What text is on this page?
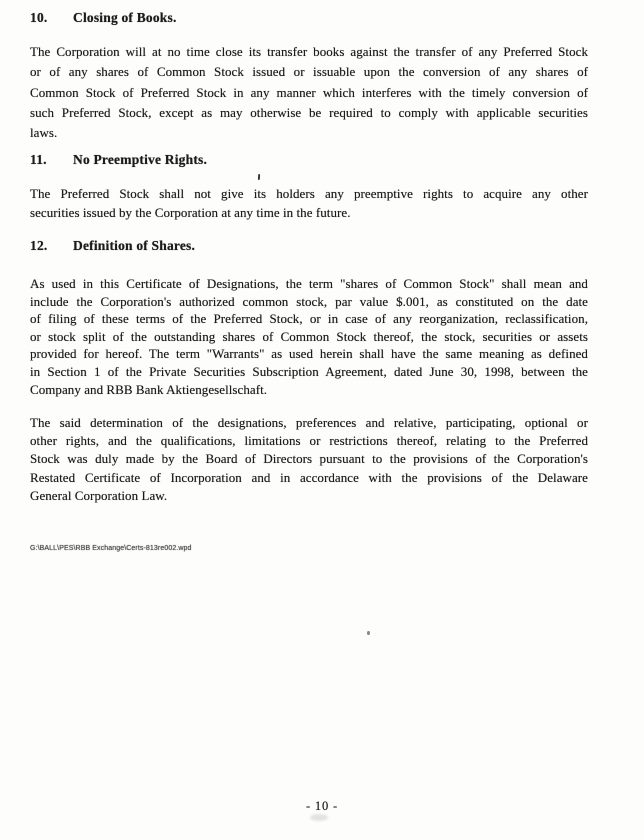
10. Closing of Books.
The Corporation will at no time close its transfer books against the transfer of any Preferred Stock
or of any shares of Common Stock issued or issuable upon the conversion of any shares of
Common Stock of Preferred Stock in any manner which interferes with the timely conversion of
such Preferred Stock, except as may otherwise be required to comply with applicable securities
laws.
11. No Preemptive Rights.
The Preferred Stock shall not give its holders any preemptive rights to acquire any other
securities issued by the Corporation at any time in the future.
12. Definition of Shares.
As used in this Certificate of Designations, the term "shares of Common Stock" shall mean and
include the Corporation's authorized common stock, par value $.001, as constituted on the date
of filing of these terms of the Preferred Stock, or in case of any reorganization, reclassification,
or stock split of the outstanding shares of Common Stock thereof, the stock, securities or assets
provided for hereof. The term "Warrants" as used herein shall have the same meaning as defined
in Section 1 of the Private Securities Subscription Agreement, dated June 30, 1998, between the
Company and RBB Bank Aktiengesellschaft.
The said determination of the designations, preferences and relative, participating, optional or
other rights, and the qualifications, limitations or restrictions thereof, relating to the Preferred
Stock was duly made by the Board of Directors pursuant to the provisions of the Corporation's
Restated Certificate of Incorporation and in accordance with the provisions of the Delaware
General Corporation Law.
G:\BALL\PES\RBB Exchange\Certs-813re002.wpd
- 10 -
